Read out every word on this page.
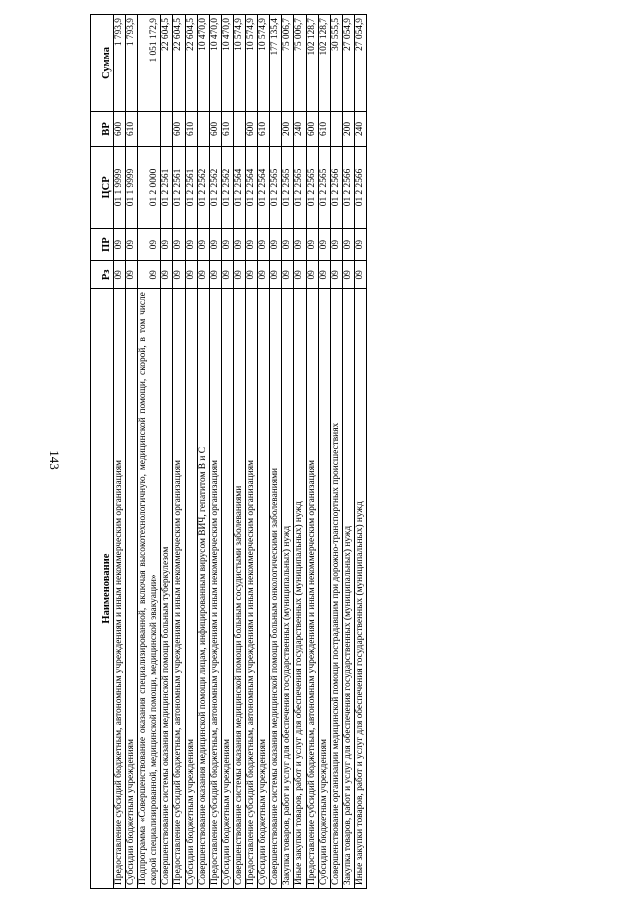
143
Наименование	Рз	ПР	ЦСР	ВР	Сумма
Предоставление субсидий бюджетным, автономным учреждениям и иным некоммерческим организациям	09	09	01 1 9999	600	1 793,9
Субсидии бюджетным учреждениям	09	09	01 1 9999	610	1 793,9
Подпрограмма «Совершенствование оказания специализированной, включая высокотехнологичную, медицинской помощи, скорой, в том числе скорой специализированной, медицинской помощи, медицинской эвакуации»	09	09	01 2 0000		1 051 172,9
Совершенствование системы оказания медицинской помощи больным туберкулезом	09	09	01 2 2561		22 604,5
Предоставление субсидий бюджетным, автономным учреждениям и иным некоммерческим организациям	09	09	01 2 2561	600	22 604,5
Субсидии бюджетным учреждениям	09	09	01 2 2561	610	22 604,5
Совершенствование оказания медицинской помощи лицам, инфицированным вирусом ВИЧ, гепатитом В и С	09	09	01 2 2562		10 470,0
Предоставление субсидий бюджетным, автономным учреждениям и иным некоммерческим организациям	09	09	01 2 2562	600	10 470,0
Субсидии бюджетным учреждениям	09	09	01 2 2562	610	10 470,0
Совершенствование системы оказания медицинской помощи больным сосудистыми заболеваниями	09	09	01 2 2564		10 574,9
Предоставление субсидий бюджетным, автономным учреждениям и иным некоммерческим организациям	09	09	01 2 2564	600	10 574,9
Субсидии бюджетным учреждениям	09	09	01 2 2564	610	10 574,9
Совершенствование системы оказания медицинской помощи больным онкологическими заболеваниями	09	09	01 2 2565		177 135,4
Закупка товаров, работ и услуг для обеспечения государственных (муниципальных) нужд	09	09	01 2 2565	200	75 006,7
Иные закупки товаров, работ и услуг для обеспечения государственных (муниципальных) нужд	09	09	01 2 2565	240	75 006,7
Предоставление субсидий бюджетным, автономным учреждениям и иным некоммерческим организациям	09	09	01 2 2565	600	102 128,7
Субсидии бюджетным учреждениям	09	09	01 2 2565	610	102 128,7
Совершенствование организации медицинской помощи пострадавшим при дорожно-транспортных происшествиях	09	09	01 2 2566		30 555,5
Закупка товаров, работ и услуг для обеспечения государственных (муниципальных) нужд	09	09	01 2 2566	200	27 054,9
Иные закупки товаров, работ и услуг для обеспечения государственных (муниципальных) нужд	09	09	01 2 2566	240	27 054,9
